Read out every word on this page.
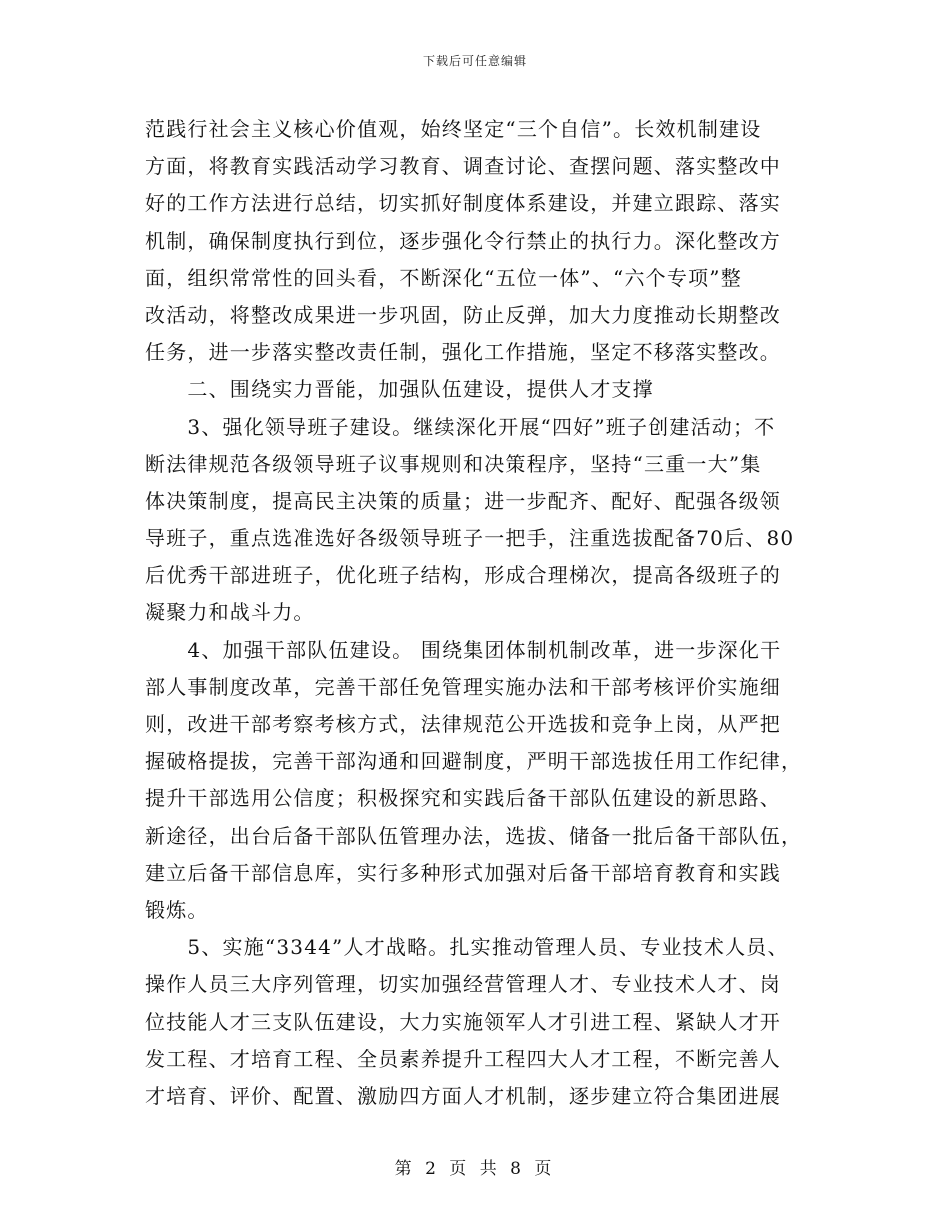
下载后可任意编辑
范践行社会主义核心价值观，始终坚定“三个自信”。长效机制建设
方面，将教育实践活动学习教育、调查讨论、查摆问题、落实整改中
好的工作方法进行总结，切实抓好制度体系建设，并建立跟踪、落实
机制，确保制度执行到位，逐步强化令行禁止的执行力。深化整改方
面，组织常常性的回头看，不断深化“五位一体”、“六个专项”整
改活动，将整改成果进一步巩固，防止反弹，加大力度推动长期整改
任务，进一步落实整改责任制，强化工作措施，坚定不移落实整改。
　　二、围绕实力晋能，加强队伍建设，提供人才支撑
　　3、强化领导班子建设。继续深化开展“四好”班子创建活动；不
断法律规范各级领导班子议事规则和决策程序，坚持“三重一大”集
体决策制度，提高民主决策的质量；进一步配齐、配好、配强各级领
导班子，重点选准选好各级领导班子一把手，注重选拔配备70后、80
后优秀干部进班子，优化班子结构，形成合理梯次，提高各级班子的
凝聚力和战斗力。
　　4、加强干部队伍建设。 围绕集团体制机制改革，进一步深化干
部人事制度改革，完善干部任免管理实施办法和干部考核评价实施细
则，改进干部考察考核方式，法律规范公开选拔和竞争上岗，从严把
握破格提拔，完善干部沟通和回避制度，严明干部选拔任用工作纪律，
提升干部选用公信度；积极探究和实践后备干部队伍建设的新思路、
新途径，出台后备干部队伍管理办法，选拔、储备一批后备干部队伍，
建立后备干部信息库，实行多种形式加强对后备干部培育教育和实践
锻炼。
　　5、实施“3344”人才战略。扎实推动管理人员、专业技术人员、
操作人员三大序列管理，切实加强经营管理人才、专业技术人才、岗
位技能人才三支队伍建设，大力实施领军人才引进工程、紧缺人才开
发工程、才培育工程、全员素养提升工程四大人才工程，不断完善人
才培育、评价、配置、激励四方面人才机制，逐步建立符合集团进展
第 2 页 共 8 页
